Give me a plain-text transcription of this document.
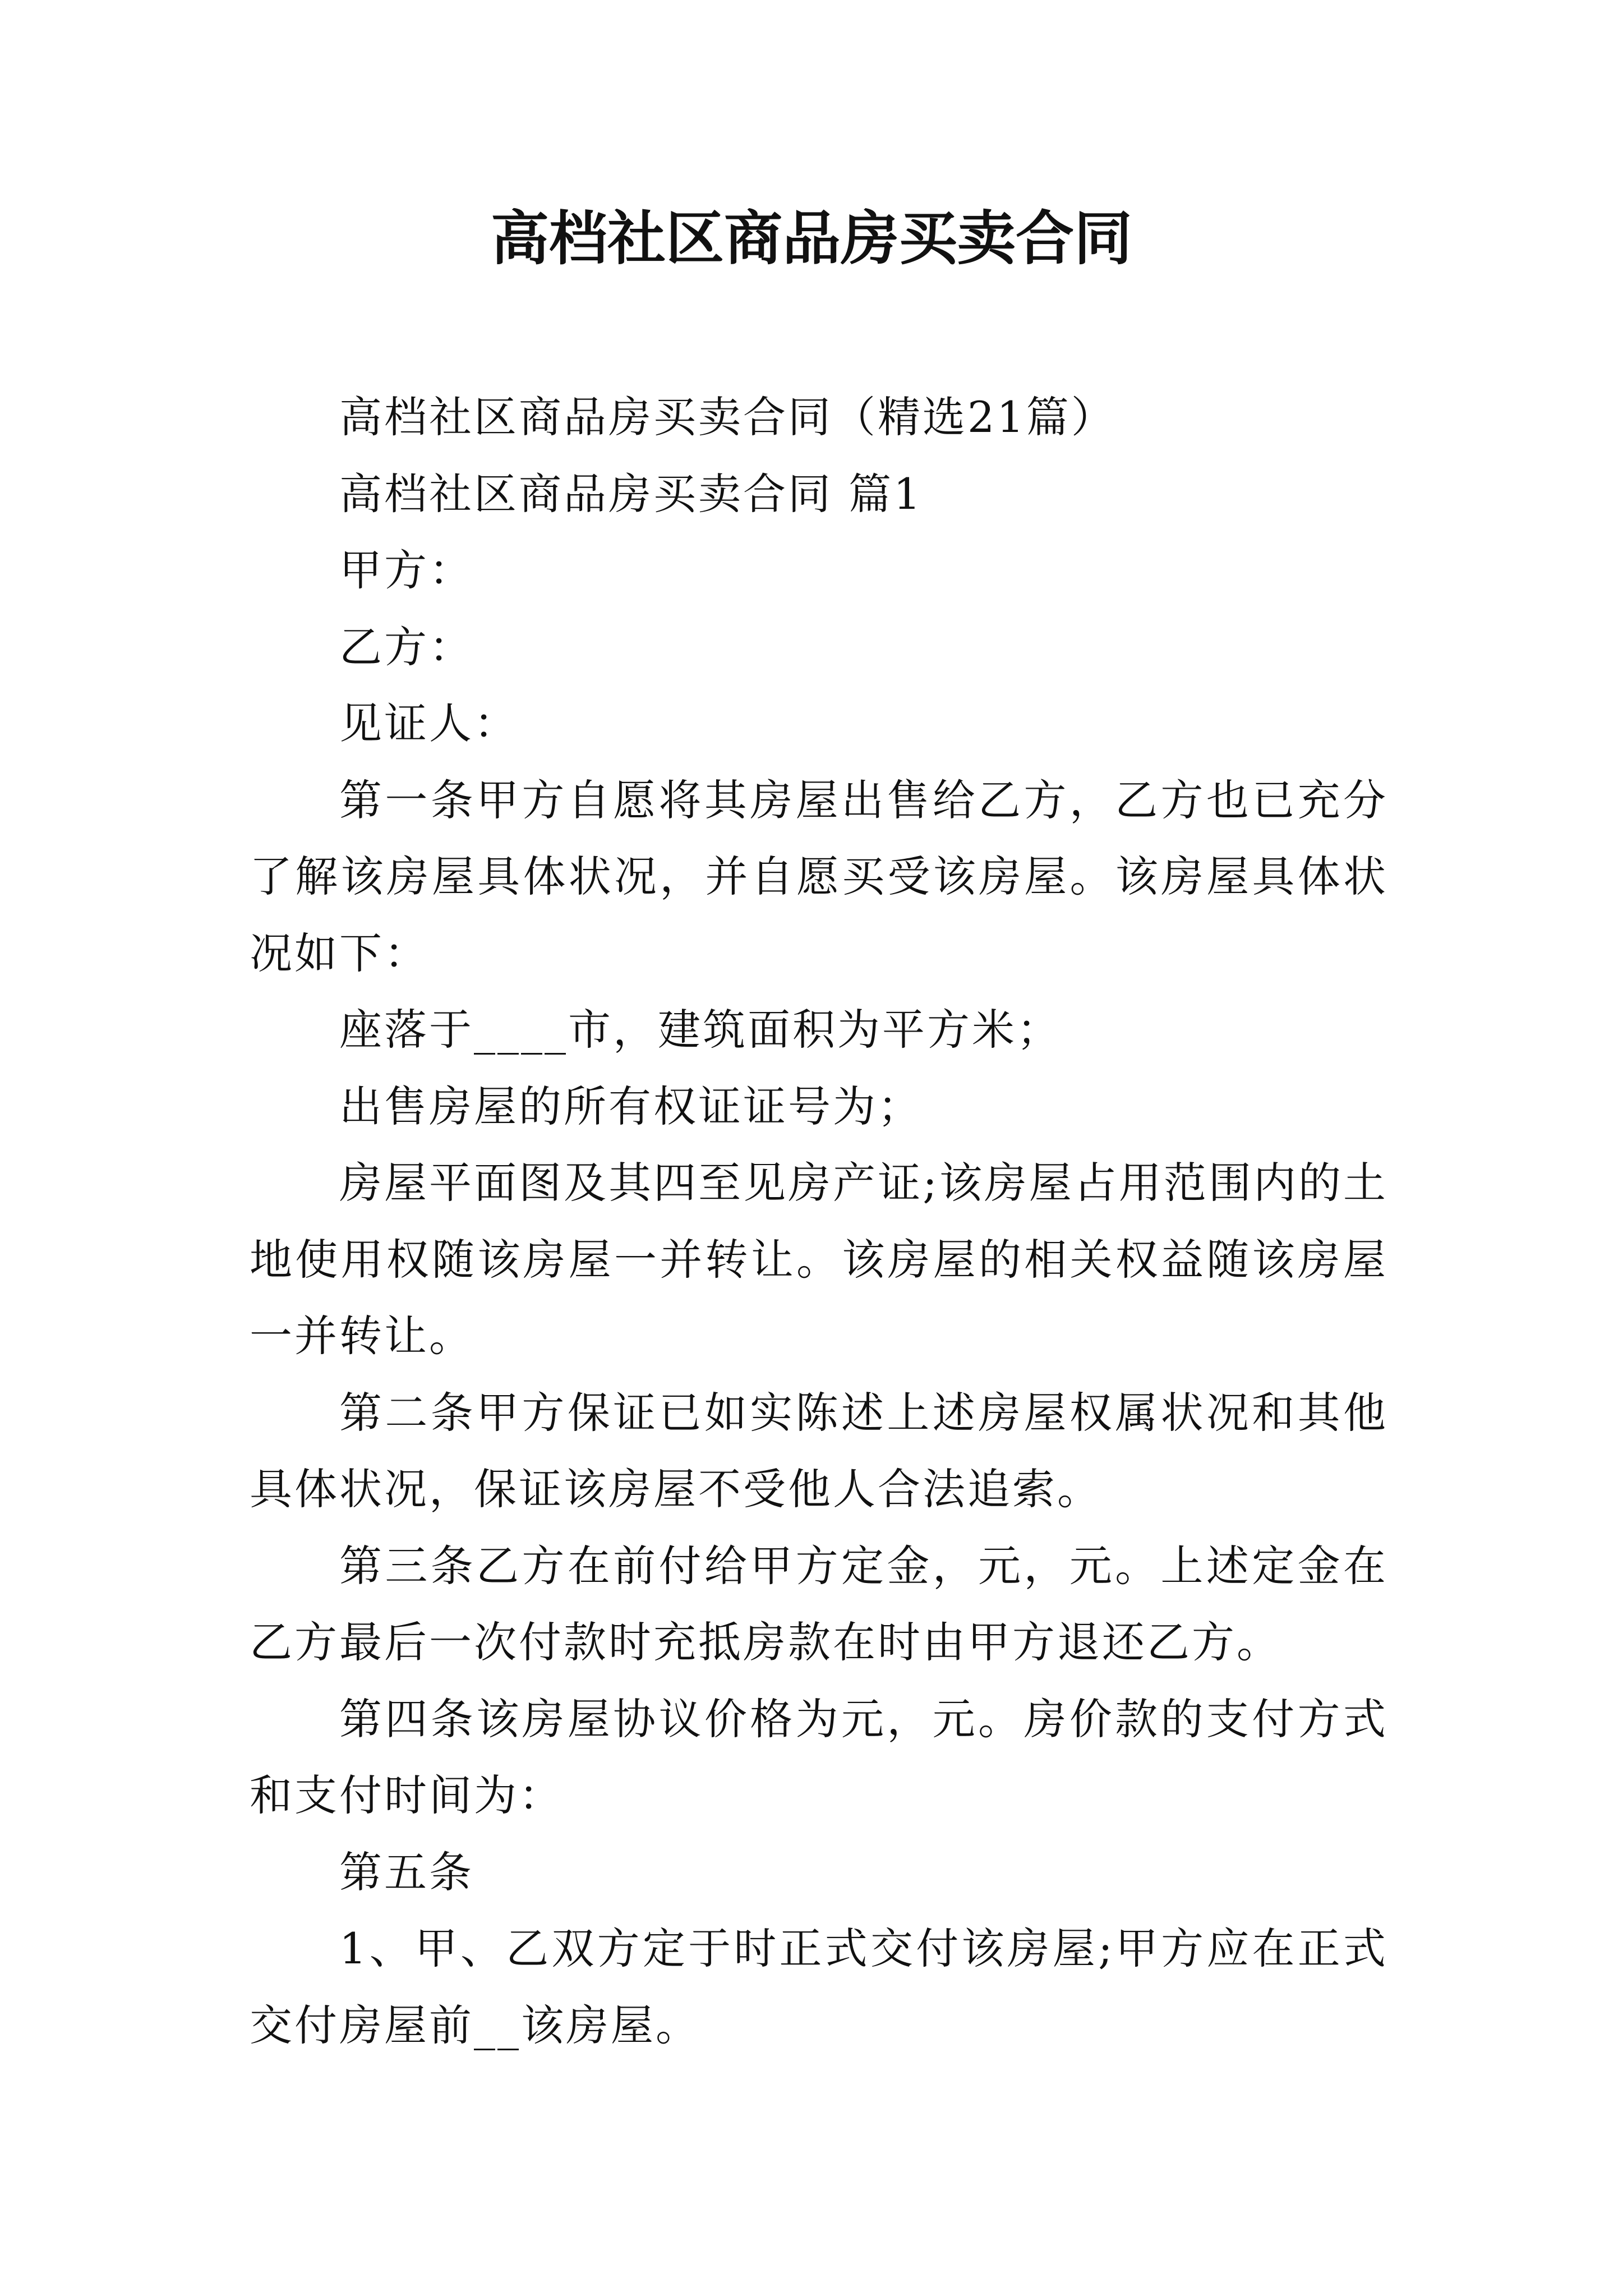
高档社区商品房买卖合同

高档社区商品房买卖合同（精选21篇）

高档社区商品房买卖合同 篇1

甲方：

乙方：

见证人：

第一条甲方自愿将其房屋出售给乙方，乙方也已充分了解该房屋具体状况，并自愿买受该房屋。该房屋具体状况如下：

座落于____市，建筑面积为平方米；

出售房屋的所有权证证号为；

房屋平面图及其四至见房产证;该房屋占用范围内的土地使用权随该房屋一并转让。该房屋的相关权益随该房屋一并转让。

第二条甲方保证已如实陈述上述房屋权属状况和其他具体状况，保证该房屋不受他人合法追索。

第三条乙方在前付给甲方定金，元，元。上述定金在乙方最后一次付款时充抵房款在时由甲方退还乙方。

第四条该房屋协议价格为元，元。房价款的支付方式和支付时间为：

第五条

1、甲、乙双方定于时正式交付该房屋;甲方应在正式交付房屋前__该房屋。
